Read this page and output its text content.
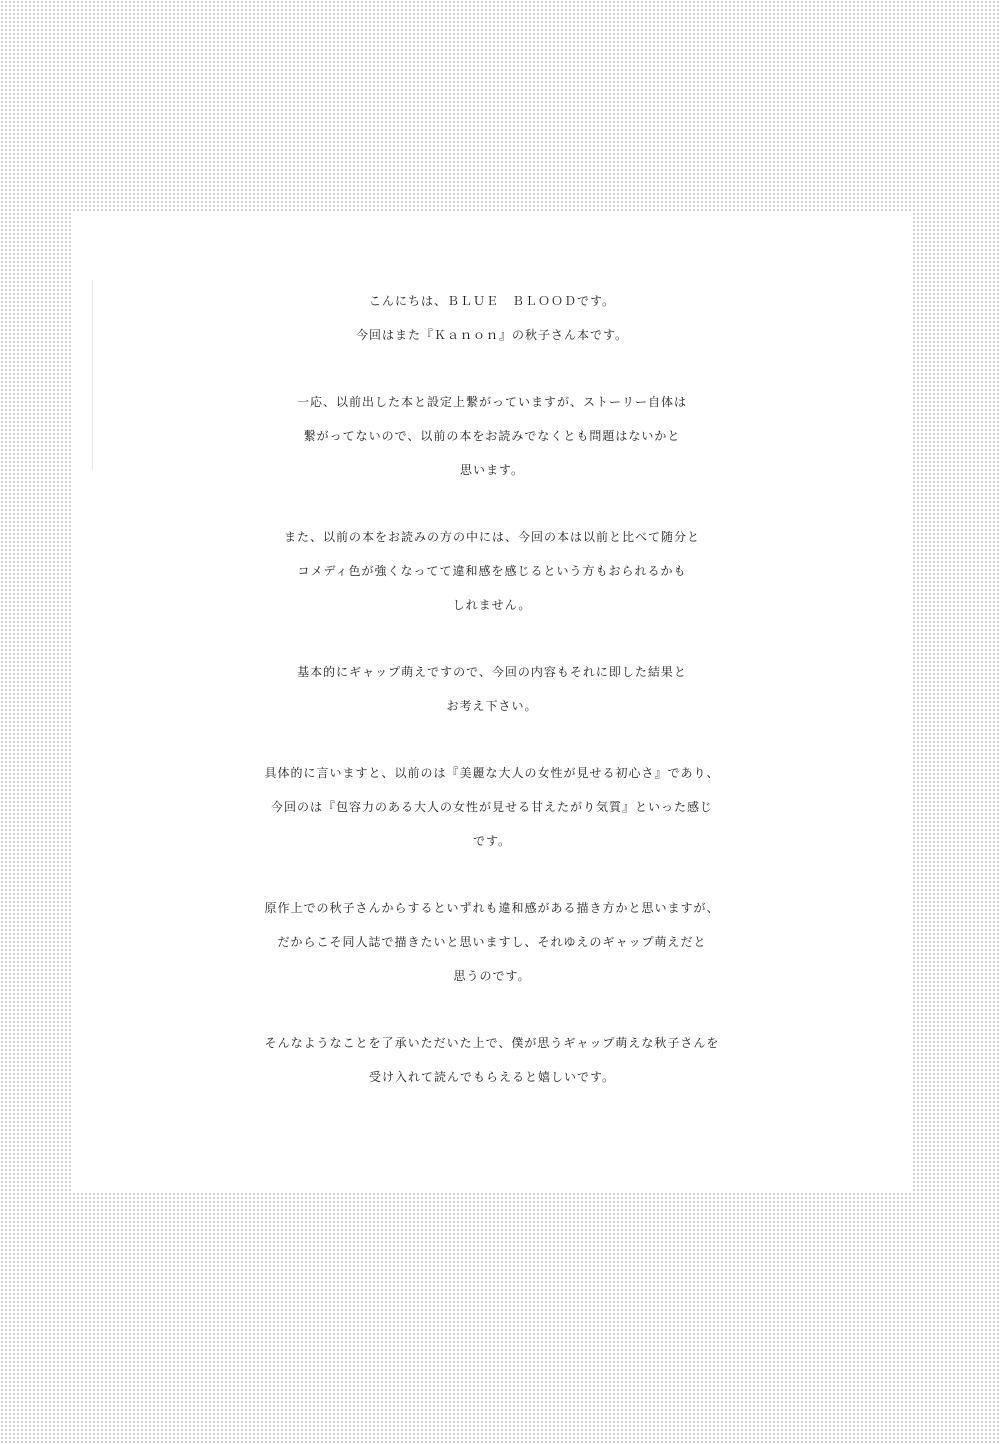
こんにちは、ＢＬＵＥ　ＢＬＯＯＤです。
今回はまた『Ｋａｎｏｎ』の秋子さん本です。

一応、以前出した本と設定上繋がっていますが、ストーリー自体は
繋がってないので、以前の本をお読みでなくとも問題はないかと
思います。

また、以前の本をお読みの方の中には、今回の本は以前と比べて随分と
コメディ色が強くなってて違和感を感じるという方もおられるかも
しれません。

基本的にギャップ萌えですので、今回の内容もそれに即した結果と
お考え下さい。

具体的に言いますと、以前のは『美麗な大人の女性が見せる初心さ』であり、
今回のは『包容力のある大人の女性が見せる甘えたがり気質』といった感じ
です。

原作上での秋子さんからするといずれも違和感がある描き方かと思いますが、
だからこそ同人誌で描きたいと思いますし、それゆえのギャップ萌えだと
思うのです。

そんなようなことを了承いただいた上で、僕が思うギャップ萌えな秋子さんを
受け入れて読んでもらえると嬉しいです。
